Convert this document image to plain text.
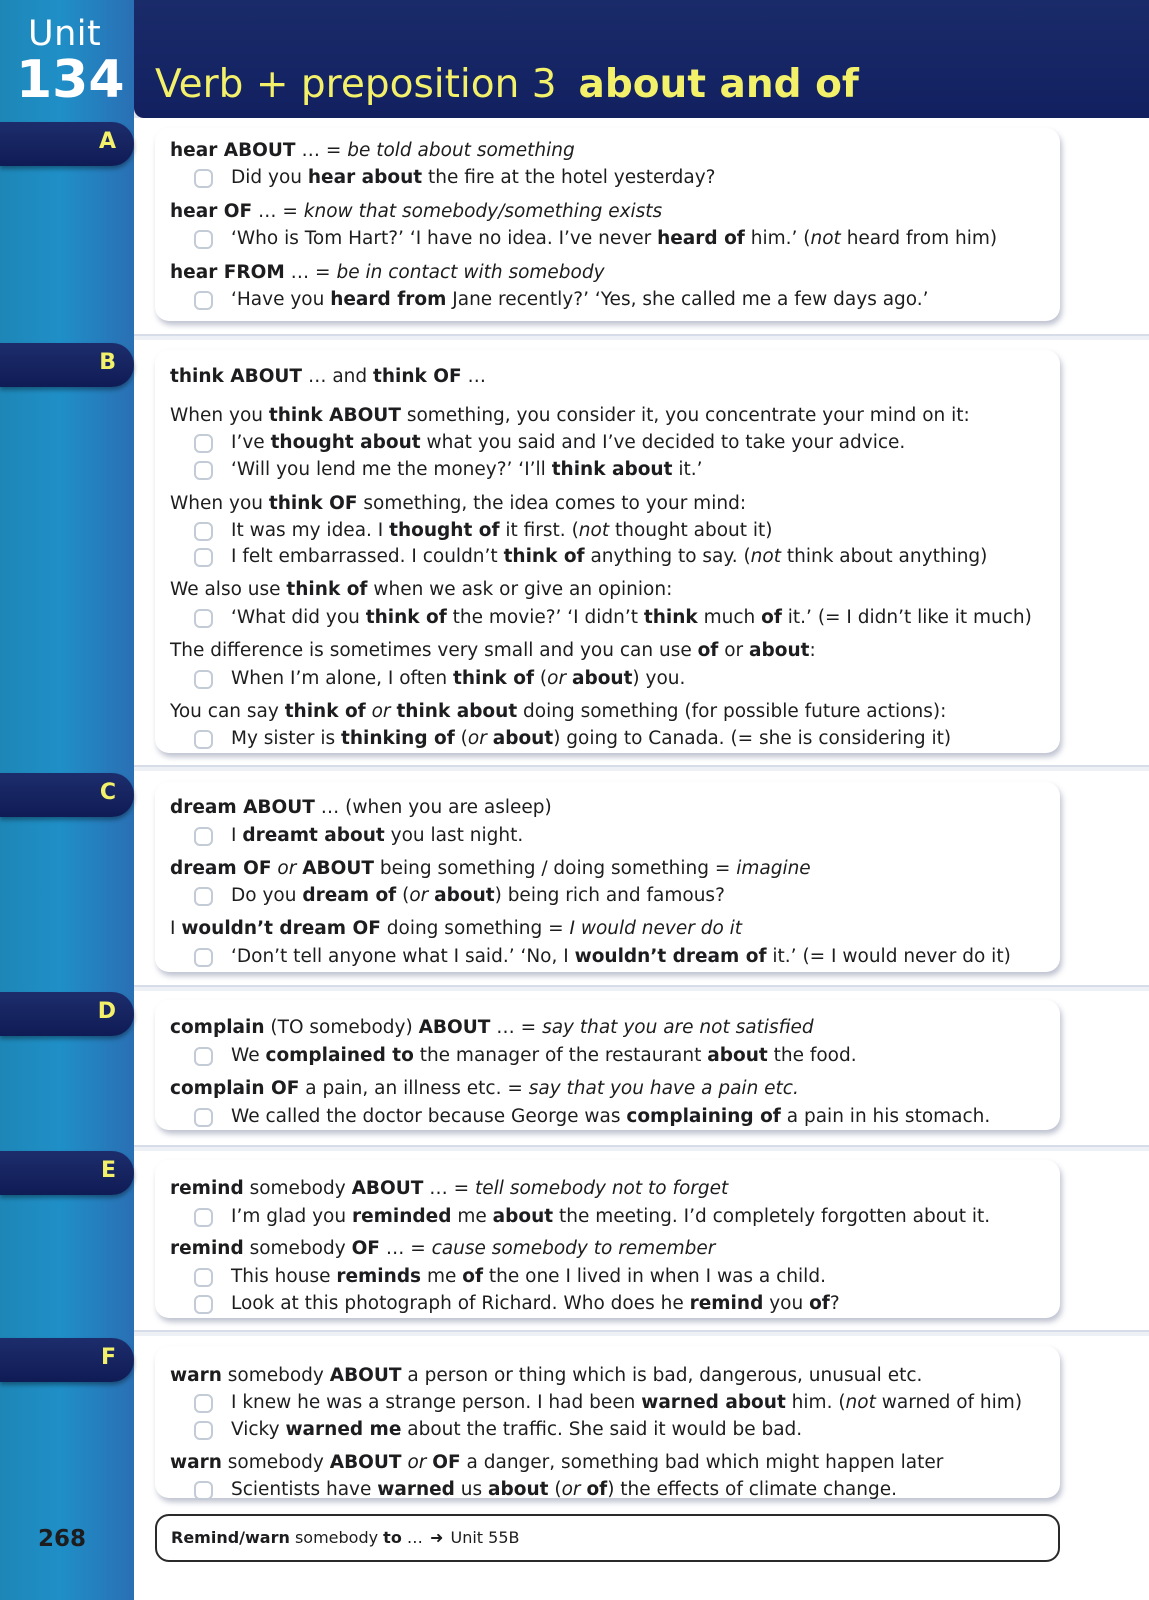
Unit
134 Verb + preposition 3 about and of
A
B
C
D
E
F
hear ABOUT … = be told about something
Did you hear about the fire at the hotel yesterday?
hear OF … = know that somebody/something exists
‘Who is Tom Hart?’ ‘I have no idea. I’ve never heard of him.’ (not heard from him)
hear FROM … = be in contact with somebody
‘Have you heard from Jane recently?’ ‘Yes, she called me a few days ago.’
think ABOUT … and think OF …
When you think ABOUT something, you consider it, you concentrate your mind on it:
I’ve thought about what you said and I’ve decided to take your advice.
‘Will you lend me the money?’ ‘I’ll think about it.’
When you think OF something, the idea comes to your mind:
It was my idea. I thought of it first. (not thought about it)
I felt embarrassed. I couldn’t think of anything to say. (not think about anything)
We also use think of when we ask or give an opinion:
‘What did you think of the movie?’ ‘I didn’t think much of it.’ (= I didn’t like it much)
The difference is sometimes very small and you can use of or about:
When I’m alone, I often think of (or about) you.
You can say think of or think about doing something (for possible future actions):
My sister is thinking of (or about) going to Canada. (= she is considering it)
dream ABOUT … (when you are asleep)
I dreamt about you last night.
dream OF or ABOUT being something / doing something = imagine
Do you dream of (or about) being rich and famous?
I wouldn’t dream OF doing something = I would never do it
‘Don’t tell anyone what I said.’ ‘No, I wouldn’t dream of it.’ (= I would never do it)
complain (TO somebody) ABOUT … = say that you are not satisfied
We complained to the manager of the restaurant about the food.
complain OF a pain, an illness etc. = say that you have a pain etc.
We called the doctor because George was complaining of a pain in his stomach.
remind somebody ABOUT … = tell somebody not to forget
I’m glad you reminded me about the meeting. I’d completely forgotten about it.
remind somebody OF … = cause somebody to remember
This house reminds me of the one I lived in when I was a child.
Look at this photograph of Richard. Who does he remind you of?
warn somebody ABOUT a person or thing which is bad, dangerous, unusual etc.
I knew he was a strange person. I had been warned about him. (not warned of him)
Vicky warned me about the traffic. She said it would be bad.
warn somebody ABOUT or OF a danger, something bad which might happen later
Scientists have warned us about (or of) the effects of climate change.
268	Remind/warn somebody to … ➜ Unit 55B
